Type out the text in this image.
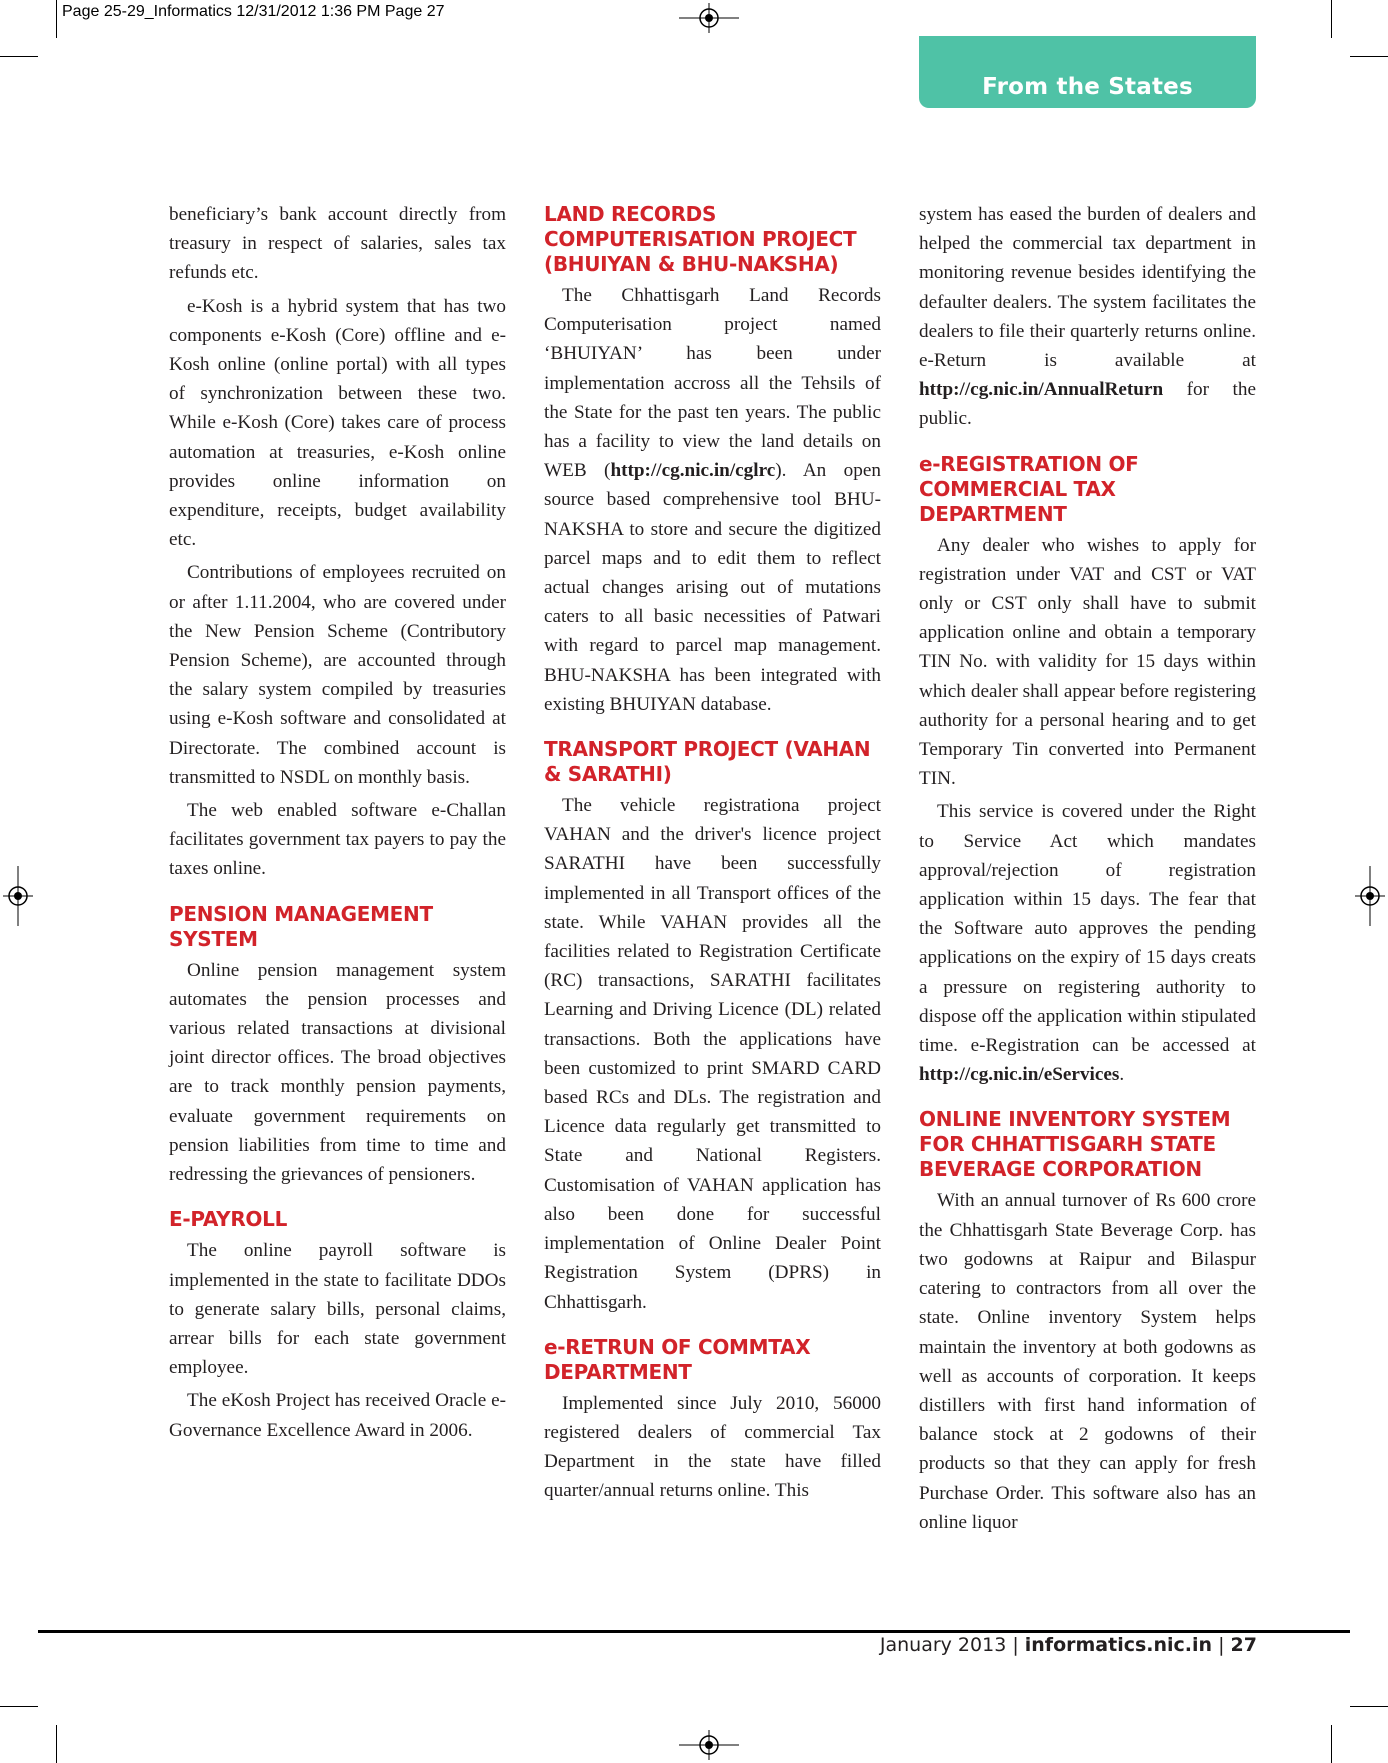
Page 25-29_Informatics 12/31/2012 1:36 PM Page 27
From the States

beneficiary’s bank account directly from treasury in respect of salaries, sales tax refunds etc.

e-Kosh is a hybrid system that has two components e-Kosh (Core) offline and e-Kosh online (online portal) with all types of synchronization between these two. While e-Kosh (Core) takes care of process automation at treasuries, e-Kosh online provides online information on expenditure, receipts, budget availability etc.

Contributions of employees recruited on or after 1.11.2004, who are covered under the New Pension Scheme (Contributory Pension Scheme), are accounted through the salary system compiled by treasuries using e-Kosh software and consolidated at Directorate. The combined account is transmitted to NSDL on monthly basis.

The web enabled software e-Challan facilitates government tax payers to pay the taxes online.

PENSION MANAGEMENT SYSTEM

Online pension management system automates the pension processes and various related transactions at divisional joint director offices. The broad objectives are to track monthly pension payments, evaluate government requirements on pension liabilities from time to time and redressing the grievances of pensioners.

E-PAYROLL

The online payroll software is implemented in the state to facilitate DDOs to generate salary bills, personal claims, arrear bills for each state government employee.

The eKosh Project has received Oracle e-Governance Excellence Award in 2006.

LAND RECORDS COMPUTERISATION PROJECT (BHUIYAN & BHU-NAKSHA)

The Chhattisgarh Land Records Computerisation project named ‘BHUIYAN’ has been under implementation accross all the Tehsils of the State for the past ten years. The public has a facility to view the land details on WEB (http://cg.nic.in/cglrc). An open source based comprehensive tool BHU-NAKSHA to store and secure the digitized parcel maps and to edit them to reflect actual changes arising out of mutations caters to all basic necessities of Patwari with regard to parcel map management. BHU-NAKSHA has been integrated with existing BHUIYAN database.

TRANSPORT PROJECT (VAHAN & SARATHI)

The vehicle registrationa project VAHAN and the driver's licence project SARATHI have been successfully implemented in all Transport offices of the state. While VAHAN provides all the facilities related to Registration Certificate (RC) transactions, SARATHI facilitates Learning and Driving Licence (DL) related transactions. Both the applications have been customized to print SMARD CARD based RCs and DLs. The registration and Licence data regularly get transmitted to State and National Registers. Customisation of VAHAN application has also been done for successful implementation of Online Dealer Point Registration System (DPRS) in Chhattisgarh.

e-RETRUN OF COMMTAX DEPARTMENT

Implemented since July 2010, 56000 registered dealers of commercial Tax Department in the state have filled quarter/annual returns online. This

system has eased the burden of dealers and helped the commercial tax department in monitoring revenue besides identifying the defaulter dealers. The system facilitates the dealers to file their quarterly returns online. e-Return is available at http://cg.nic.in/AnnualReturn for the public.

e-REGISTRATION OF COMMERCIAL TAX DEPARTMENT

Any dealer who wishes to apply for registration under VAT and CST or VAT only or CST only shall have to submit application online and obtain a temporary TIN No. with validity for 15 days within which dealer shall appear before registering authority for a personal hearing and to get Temporary Tin converted into Permanent TIN.

This service is covered under the Right to Service Act which mandates approval/rejection of registration application within 15 days. The fear that the Software auto approves the pending applications on the expiry of 15 days creats a pressure on registering authority to dispose off the application within stipulated time. e-Registration can be accessed at http://cg.nic.in/eServices.

ONLINE INVENTORY SYSTEM FOR CHHATTISGARH STATE BEVERAGE CORPORATION

With an annual turnover of Rs 600 crore the Chhattisgarh State Beverage Corp. has two godowns at Raipur and Bilaspur catering to contractors from all over the state. Online inventory System helps maintain the inventory at both godowns as well as accounts of corporation. It keeps distillers with first hand information of balance stock at 2 godowns of their products so that they can apply for fresh Purchase Order. This software also has an online liquor

January 2013 | informatics.nic.in | 27
